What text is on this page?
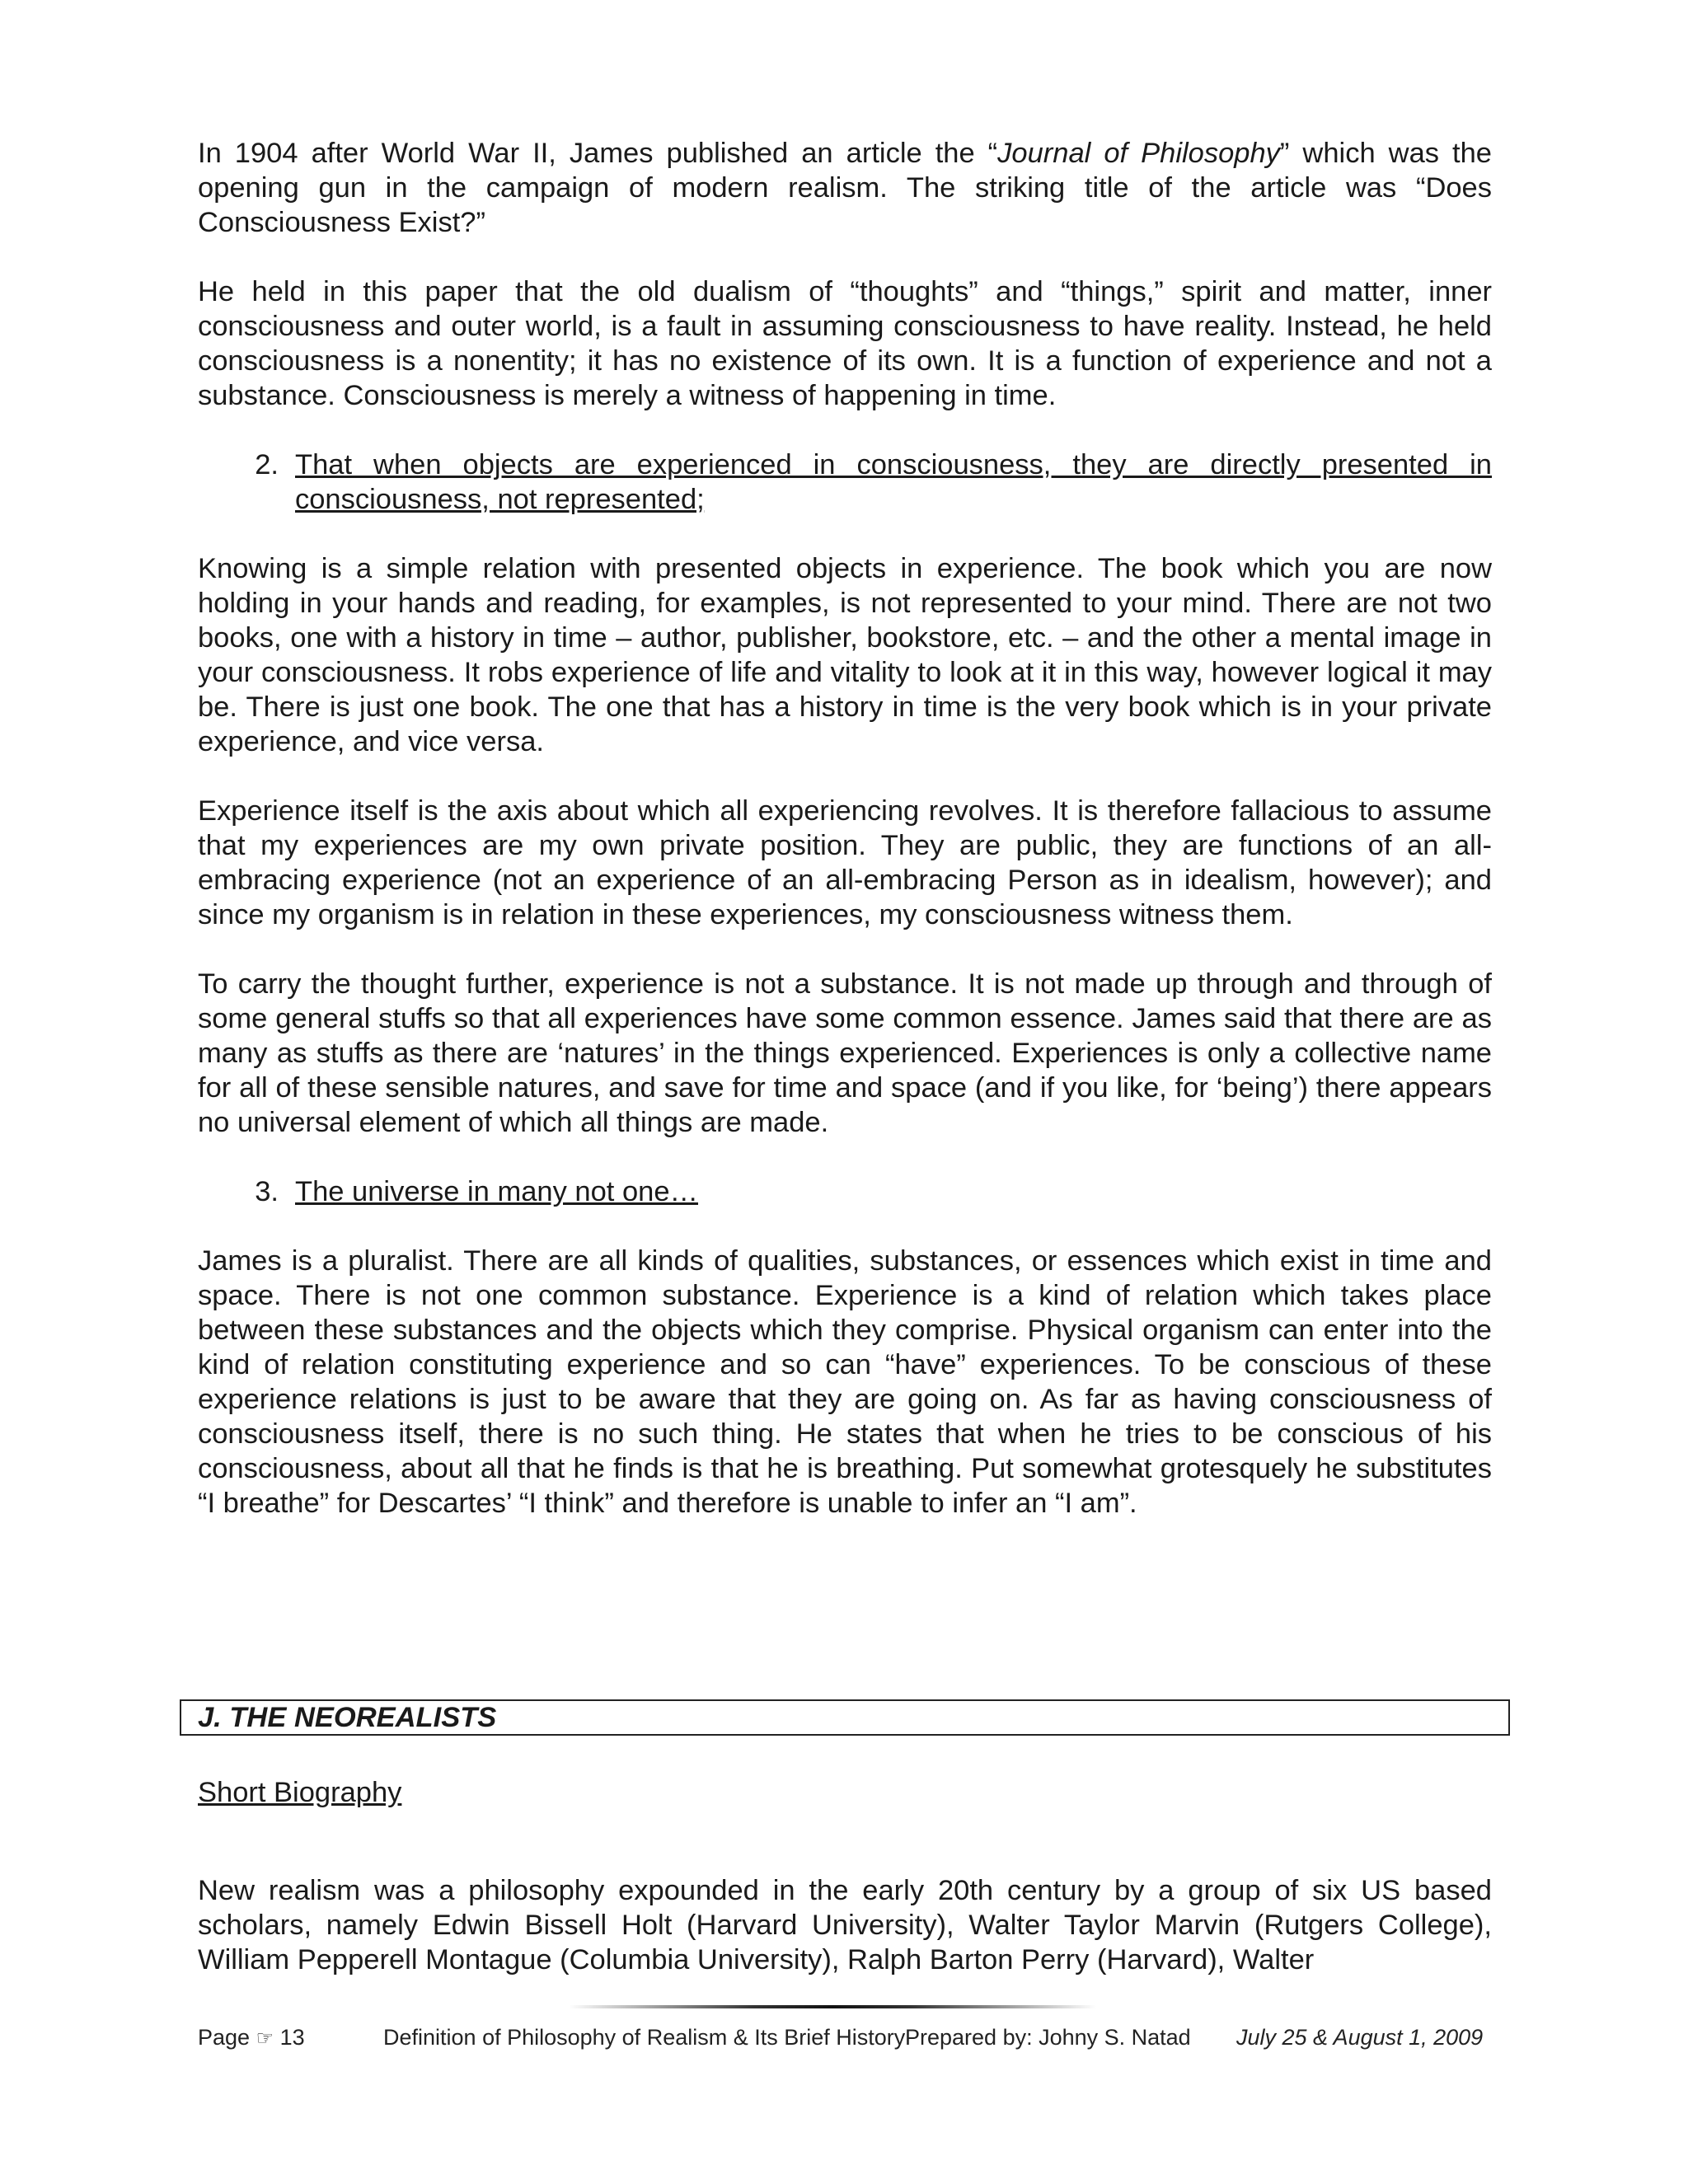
In 1904 after World War II, James published an article the “Journal of Philosophy” which was the opening gun in the campaign of modern realism. The striking title of the article was “Does Consciousness Exist?”

He held in this paper that the old dualism of “thoughts” and “things,” spirit and matter, inner consciousness and outer world, is a fault in assuming consciousness to have reality. Instead, he held consciousness is a nonentity; it has no existence of its own. It is a function of experience and not a substance. Consciousness is merely a witness of happening in time.

2. That when objects are experienced in consciousness, they are directly presented in consciousness, not represented;

Knowing is a simple relation with presented objects in experience. The book which you are now holding in your hands and reading, for examples, is not represented to your mind. There are not two books, one with a history in time – author, publisher, bookstore, etc. – and the other a mental image in your consciousness. It robs experience of life and vitality to look at it in this way, however logical it may be. There is just one book. The one that has a history in time is the very book which is in your private experience, and vice versa.

Experience itself is the axis about which all experiencing revolves. It is therefore fallacious to assume that my experiences are my own private position. They are public, they are functions of an all-embracing experience (not an experience of an all-embracing Person as in idealism, however); and since my organism is in relation in these experiences, my consciousness witness them.

To carry the thought further, experience is not a substance. It is not made up through and through of some general stuffs so that all experiences have some common essence. James said that there are as many as stuffs as there are ‘natures’ in the things experienced. Experiences is only a collective name for all of these sensible natures, and save for time and space (and if you like, for ‘being’) there appears no universal element of which all things are made.

3. The universe in many not one…

James is a pluralist. There are all kinds of qualities, substances, or essences which exist in time and space. There is not one common substance. Experience is a kind of relation which takes place between these substances and the objects which they comprise. Physical organism can enter into the kind of relation constituting experience and so can “have” experiences. To be conscious of these experience relations is just to be aware that they are going on. As far as having consciousness of consciousness itself, there is no such thing. He states that when he tries to be conscious of his consciousness, about all that he finds is that he is breathing. Put somewhat grotesquely he substitutes “I breathe” for Descartes’ “I think” and therefore is unable to infer an “I am”.

J. THE NEOREALISTS
Short Biography

New realism was a philosophy expounded in the early 20th century by a group of six US based scholars, namely Edwin Bissell Holt (Harvard University), Walter Taylor Marvin (Rutgers College), William Pepperell Montague (Columbia University), Ralph Barton Perry (Harvard), Walter

Page ☞ 13	Definition of Philosophy of Realism & Its Brief History Prepared by: Johny S. Natad July 25 & August 1, 2009
